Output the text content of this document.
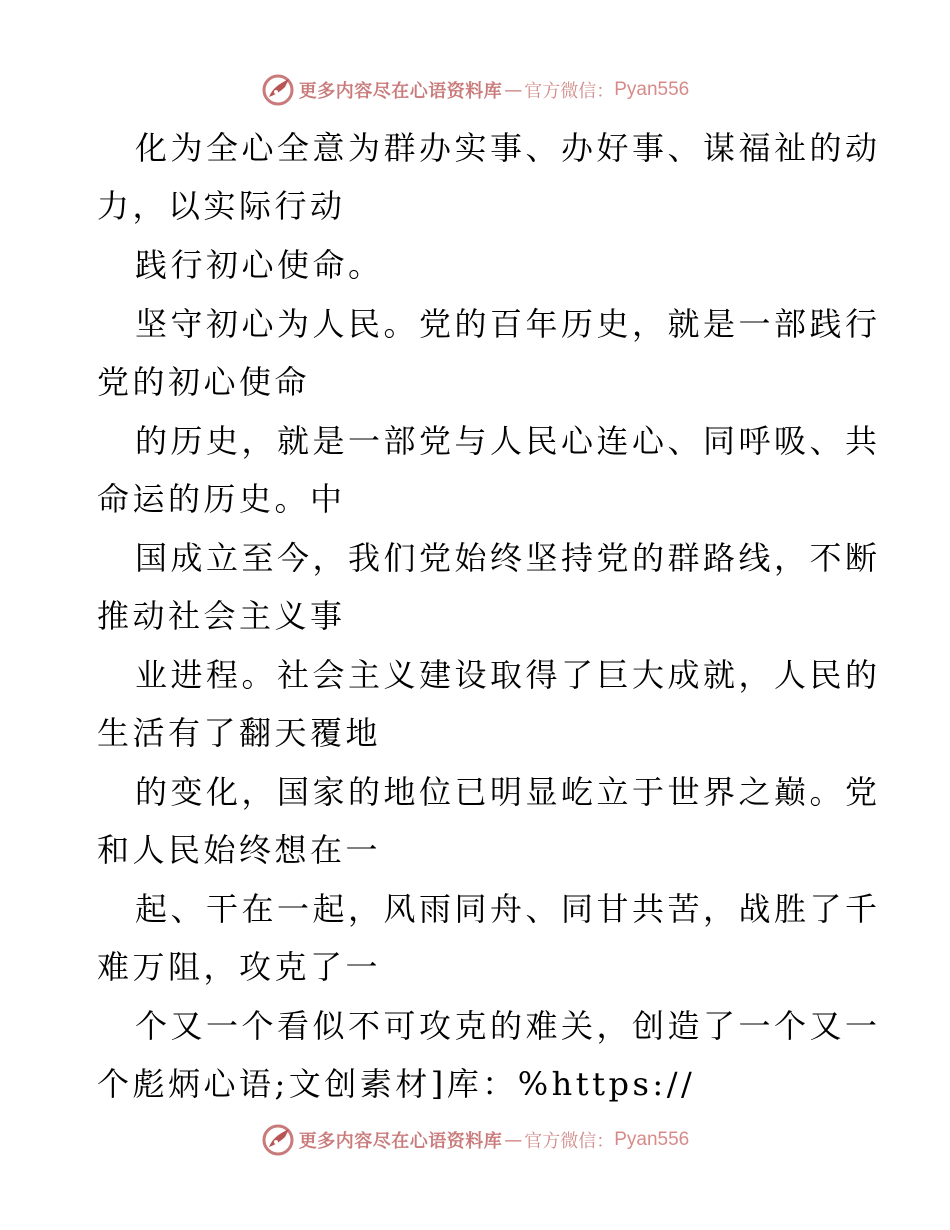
更多内容尽在心语资料库 — 官方微信： Pyan556
化为全心全意为群办实事、办好事、谋福祉的动
力，以实际行动
践行初心使命。
坚守初心为人民。党的百年历史，就是一部践行
党的初心使命
的历史，就是一部党与人民心连心、同呼吸、共
命运的历史。中
国成立至今，我们党始终坚持党的群路线，不断
推动社会主义事
业进程。社会主义建设取得了巨大成就，人民的
生活有了翻天覆地
的变化，国家的地位已明显屹立于世界之巅。党
和人民始终想在一
起、干在一起，风雨同舟、同甘共苦，战胜了千
难万阻，攻克了一
个又一个看似不可攻克的难关，创造了一个又一
个彪炳心语;文创素材]库：%https://
更多内容尽在心语资料库 — 官方微信： Pyan556
